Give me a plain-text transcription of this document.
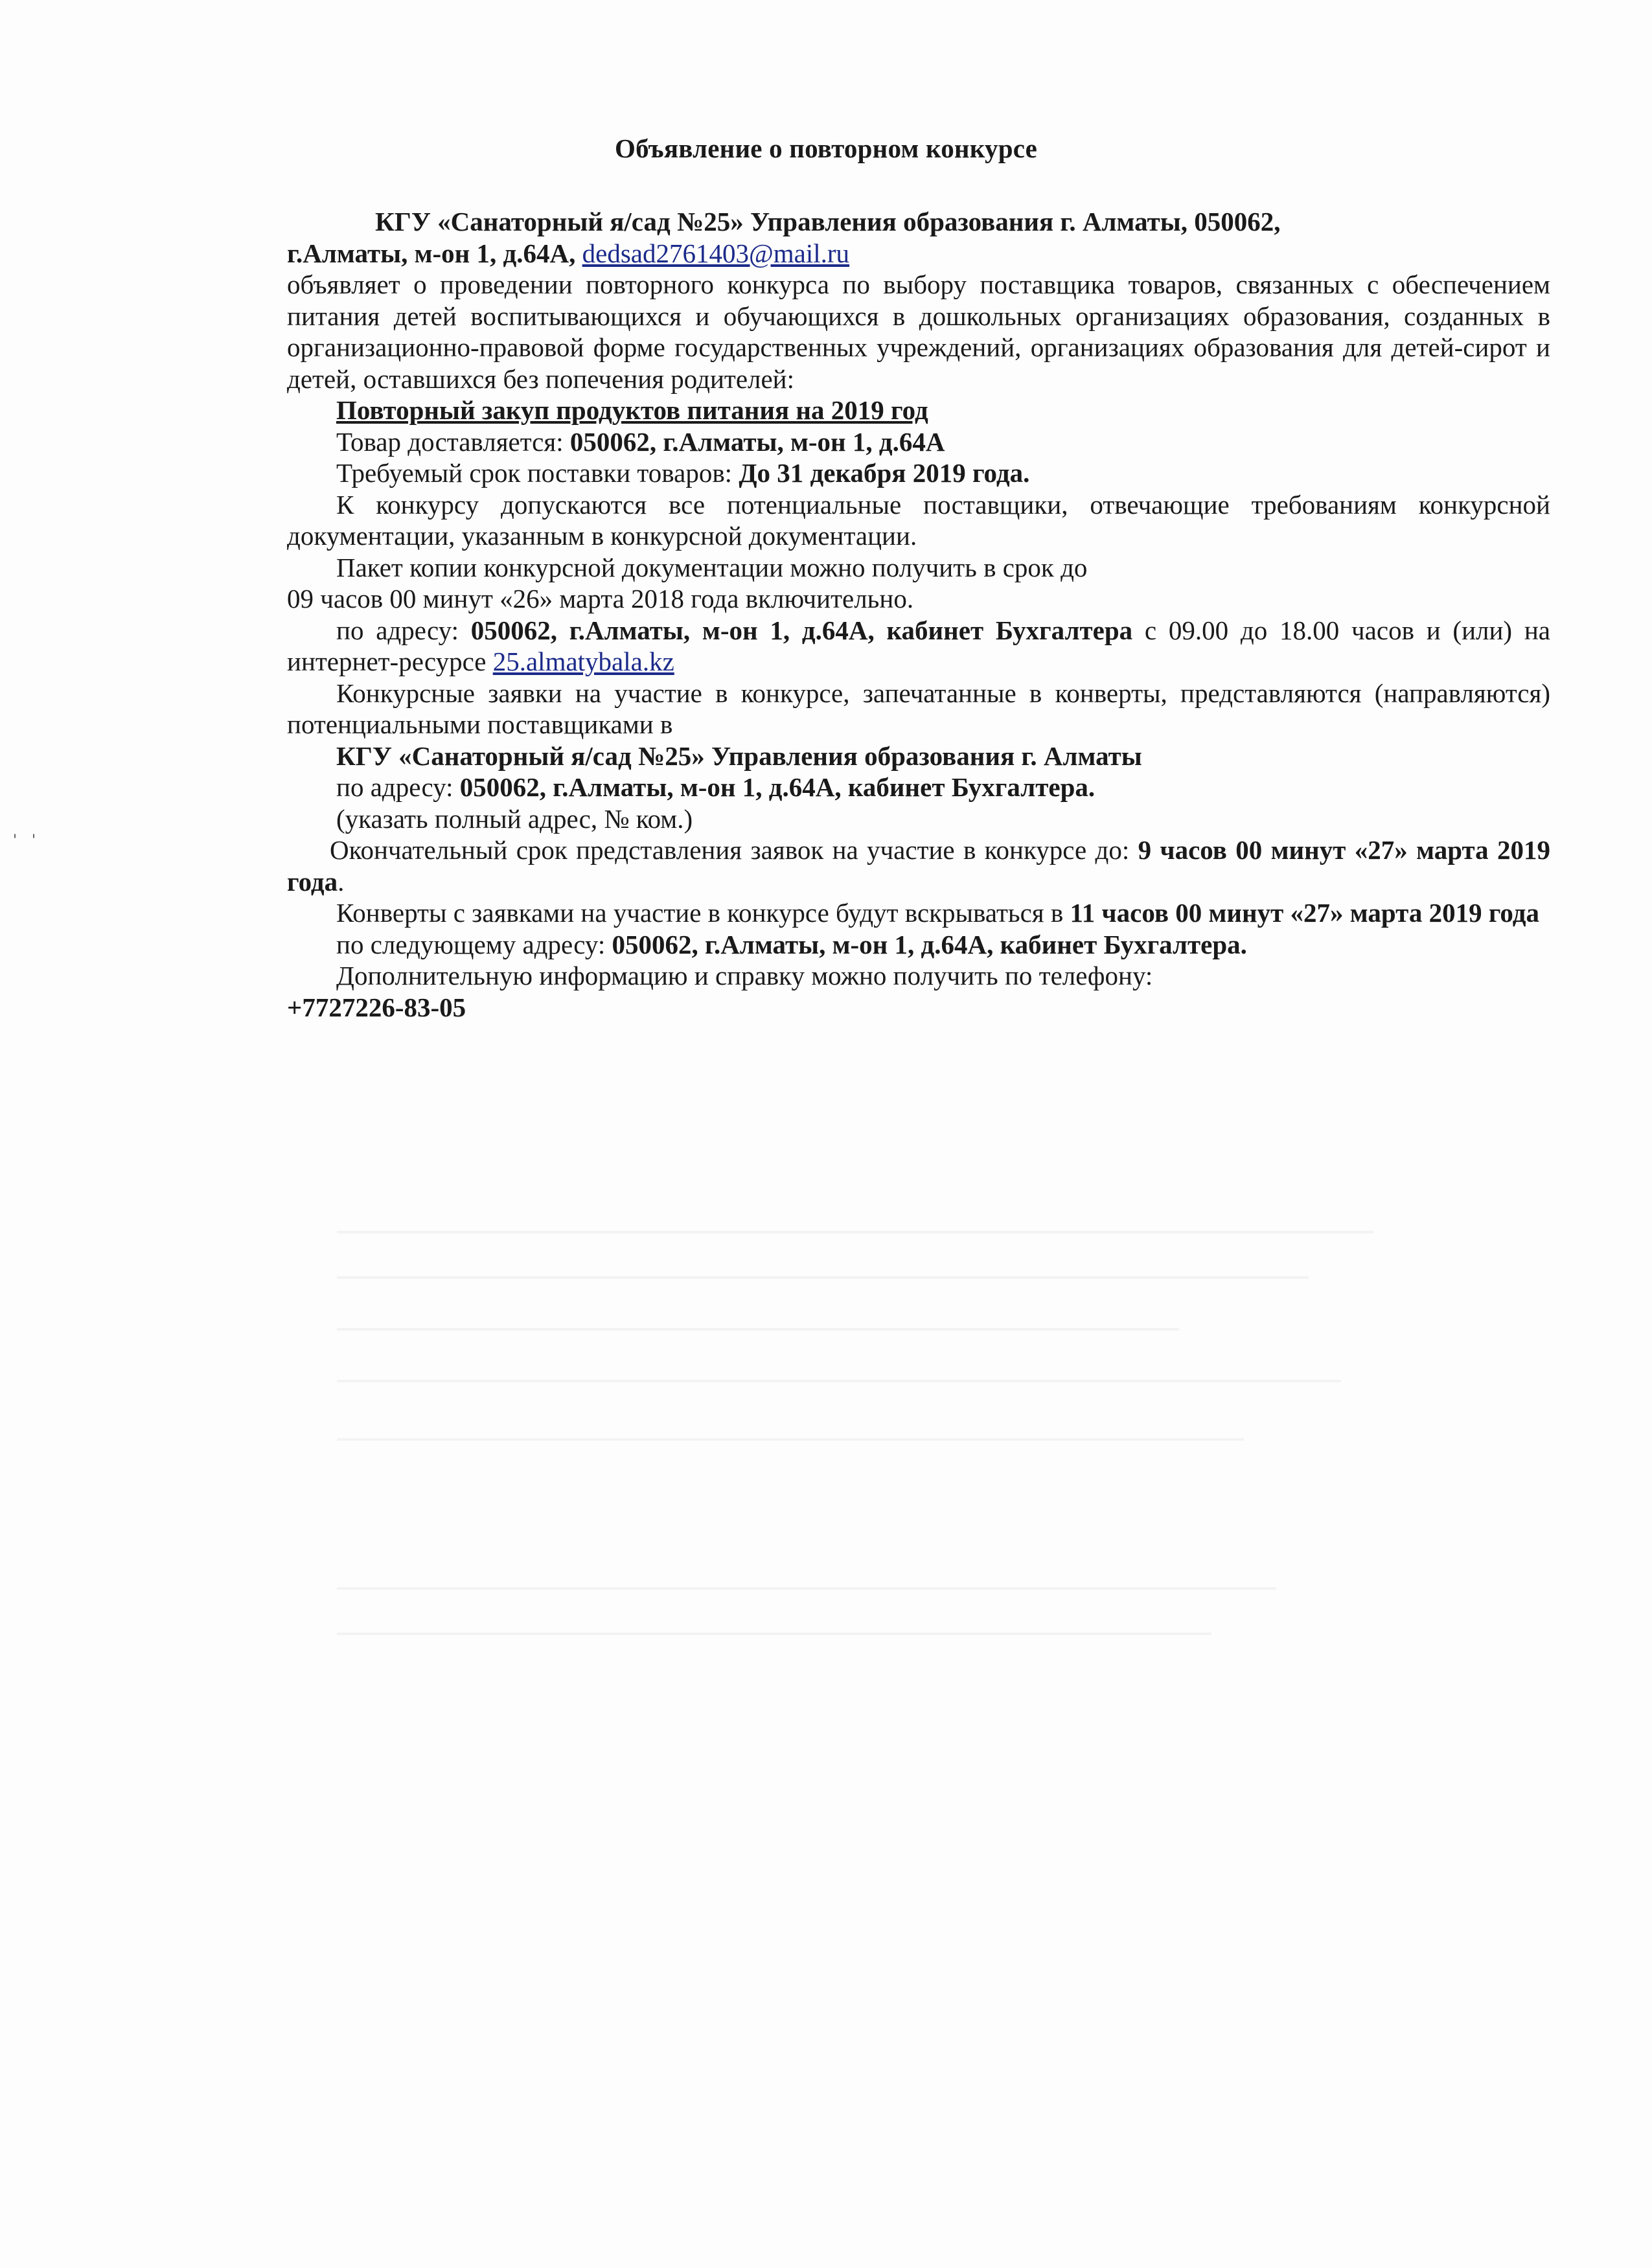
' '
Объявление о повторном конкурсе

КГУ «Санаторный я/сад №25» Управления образования г. Алматы, 050062,

г.Алматы, м-он 1, д.64А, dedsad2761403@mail.ru

объявляет о проведении повторного конкурса по выбору поставщика товаров, связанных с обеспечением питания детей воспитывающихся и обучающихся в дошкольных организациях образования, созданных в организационно-правовой форме государственных учреждений, организациях образования для детей-сирот и детей, оставшихся без попечения родителей:

Повторный закуп продуктов питания на 2019 год

Товар доставляется: 050062, г.Алматы, м-он 1, д.64А

Требуемый срок поставки товаров: До 31 декабря 2019 года.

К конкурсу допускаются все потенциальные поставщики, отвечающие требованиям конкурсной документации, указанным в конкурсной документации.

Пакет копии конкурсной документации можно получить в срок до

09 часов 00 минут «26» марта 2018 года включительно.

по адресу: 050062, г.Алматы, м-он 1, д.64А, кабинет Бухгалтера с 09.00 до 18.00 часов и (или) на интернет-ресурсе 25.almatybala.kz

Конкурсные заявки на участие в конкурсе, запечатанные в конверты, представляются (направляются) потенциальными поставщиками в

КГУ «Санаторный я/сад №25» Управления образования г. Алматы

по адресу: 050062, г.Алматы, м-он 1, д.64А, кабинет Бухгалтера.

(указать полный адрес, № ком.)

Окончательный срок представления заявок на участие в конкурсе до: 9 часов 00 минут «27» марта 2019 года.

Конверты с заявками на участие в конкурсе будут вскрываться в 11 часов 00 минут «27» марта 2019 года

по следующему адресу: 050062, г.Алматы, м-он 1, д.64А, кабинет Бухгалтера.

Дополнительную информацию и справку можно получить по телефону:

+7727226-83-05
